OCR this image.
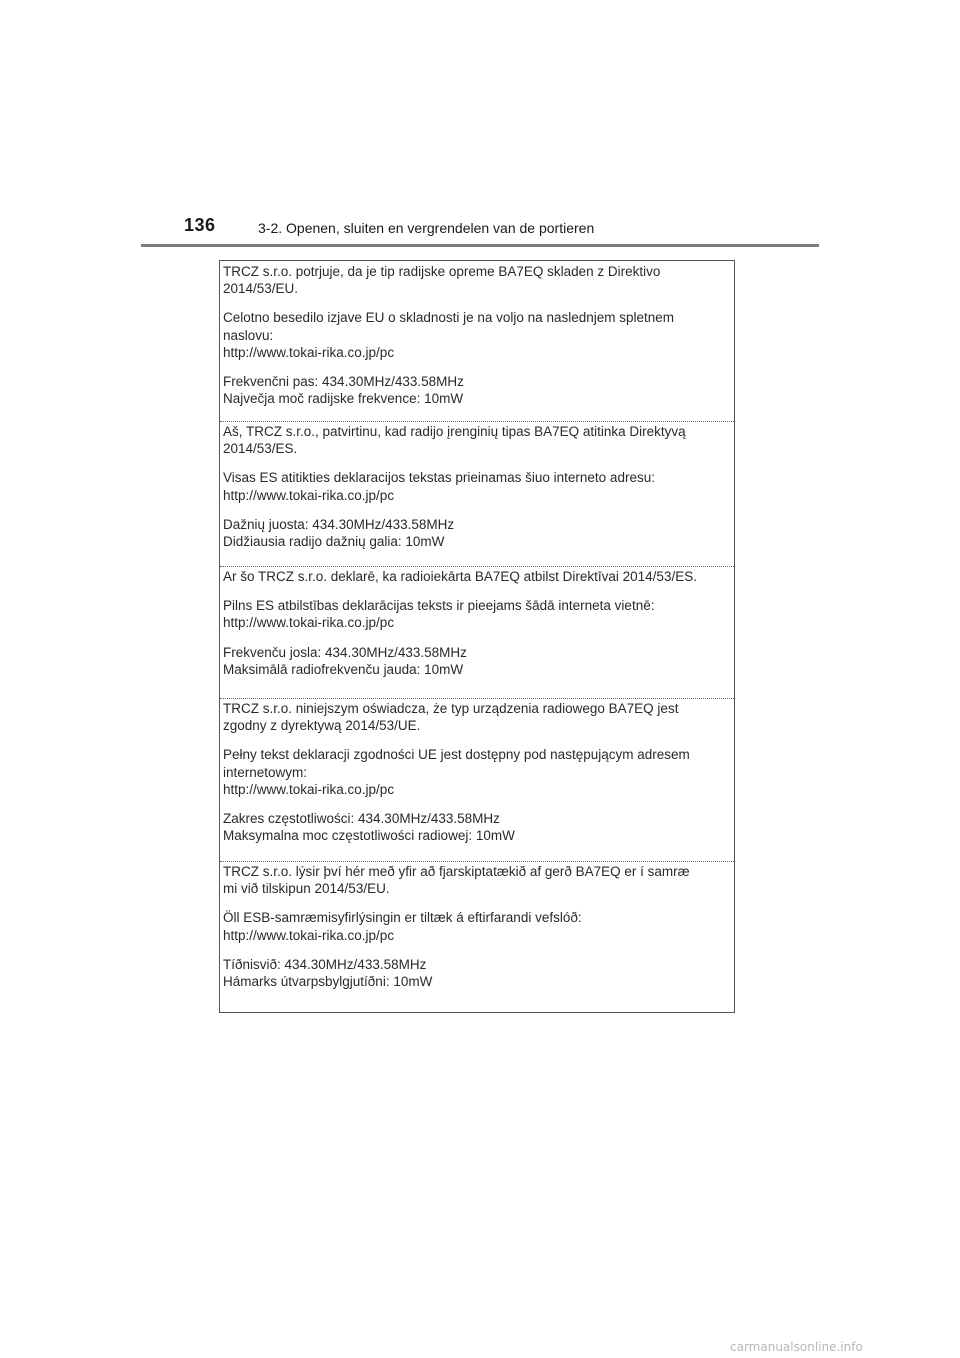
136	3-2. Openen, sluiten en vergrendelen van de portieren

TRCZ s.r.o. potrjuje, da je tip radijske opreme BA7EQ skladen z Direktivo

2014/53/EU.

Celotno besedilo izjave EU o skladnosti je na voljo na naslednjem spletnem

naslovu:

http://www.tokai-rika.co.jp/pc

Frekvenčni pas: 434.30MHz/433.58MHz

Največja moč radijske frekvence: 10mW

Aš, TRCZ s.r.o., patvirtinu, kad radijo įrenginių tipas BA7EQ atitinka Direktyvą

2014/53/ES.

Visas ES atitikties deklaracijos tekstas prieinamas šiuo interneto adresu:

http://www.tokai-rika.co.jp/pc

Dažnių juosta: 434.30MHz/433.58MHz

Didžiausia radijo dažnių galia: 10mW

Ar šo TRCZ s.r.o. deklarē, ka radioiekārta BA7EQ atbilst Direktīvai 2014/53/ES.

Pilns ES atbilstības deklarācijas teksts ir pieejams šādā interneta vietnē:

http://www.tokai-rika.co.jp/pc

Frekvenču josla: 434.30MHz/433.58MHz

Maksimālā radiofrekvenču jauda: 10mW

TRCZ s.r.o. niniejszym oświadcza, że typ urządzenia radiowego BA7EQ jest

zgodny z dyrektywą 2014/53/UE.

Pełny tekst deklaracji zgodności UE jest dostępny pod następującym adresem

internetowym:

http://www.tokai-rika.co.jp/pc

Zakres częstotliwości: 434.30MHz/433.58MHz

Maksymalna moc częstotliwości radiowej: 10mW

TRCZ s.r.o. lýsir því hér með yfir að fjarskiptatækið af gerð BA7EQ er í samræ

mi við tilskipun 2014/53/EU.

Öll ESB-samræmisyfirlýsingin er tiltæk á eftirfarandi vefslóð:

http://www.tokai-rika.co.jp/pc

Tíðnisvið: 434.30MHz/433.58MHz

Hámarks útvarpsbylgjutíðni: 10mW

carmanualsonline.info
